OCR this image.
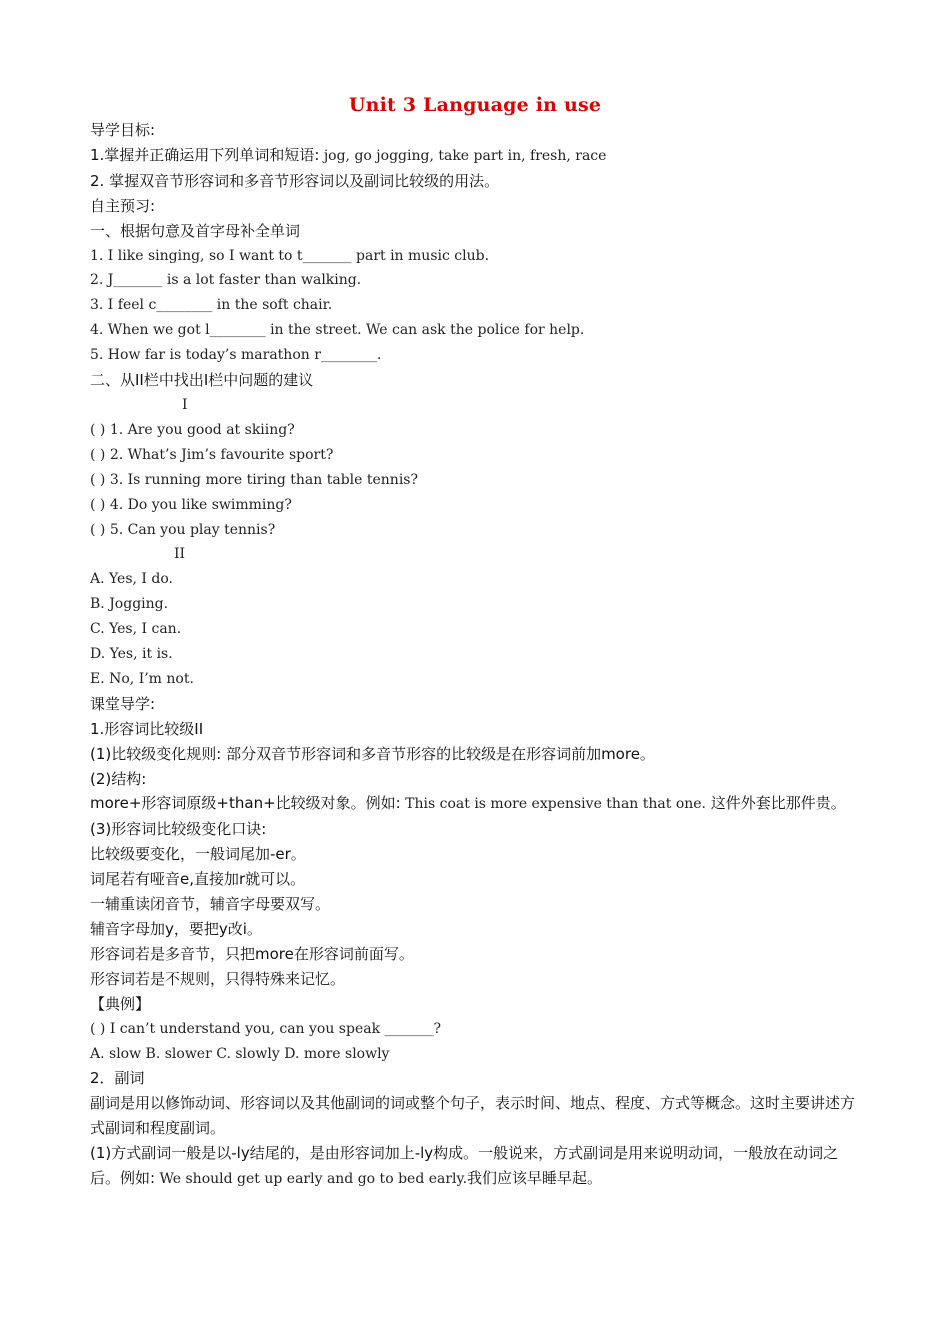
Unit 3 Language in use
导学目标:
1.掌握并正确运用下列单词和短语: jog, go jogging, take part in, fresh, race
2. 掌握双音节形容词和多音节形容词以及副词比较级的用法。
自主预习:
一、根据句意及首字母补全单词
1. I like singing, so I want to t_______ part in music club.
2. J_______ is a lot faster than walking.
3. I feel c________ in the soft chair.
4. When we got l________ in the street. We can ask the police for help.
5. How far is today’s marathon r________.
二、从II栏中找出I栏中问题的建议
I
( ) 1. Are you good at skiing?
( ) 2. What’s Jim’s favourite sport?
( ) 3. Is running more tiring than table tennis?
( ) 4. Do you like swimming?
( ) 5. Can you play tennis?
II
A. Yes, I do.
B. Jogging.
C. Yes, I can.
D. Yes, it is.
E. No, I’m not.
课堂导学:
1.形容词比较级II
(1)比较级变化规则: 部分双音节形容词和多音节形容的比较级是在形容词前加more。
(2)结构:
more+形容词原级+than+比较级对象。例如: This coat is more expensive than that one. 这件外套比那件贵。
(3)形容词比较级变化口诀:
比较级要变化，一般词尾加-er。
词尾若有哑音e,直接加r就可以。
一辅重读闭音节，辅音字母要双写。
辅音字母加y，要把y改i。
形容词若是多音节，只把more在形容词前面写。
形容词若是不规则，只得特殊来记忆。
【典例】
( ) I can’t understand you, can you speak _______?
A. slow B. slower C. slowly D. more slowly
2．副词
副词是用以修饰动词、形容词以及其他副词的词或整个句子，表示时间、地点、程度、方式等概念。这时主要讲述方式副词和程度副词。
(1)方式副词一般是以-ly结尾的，是由形容词加上-ly构成。一般说来，方式副词是用来说明动词，一般放在动词之后。例如: We should get up early and go to bed early.我们应该早睡早起。
